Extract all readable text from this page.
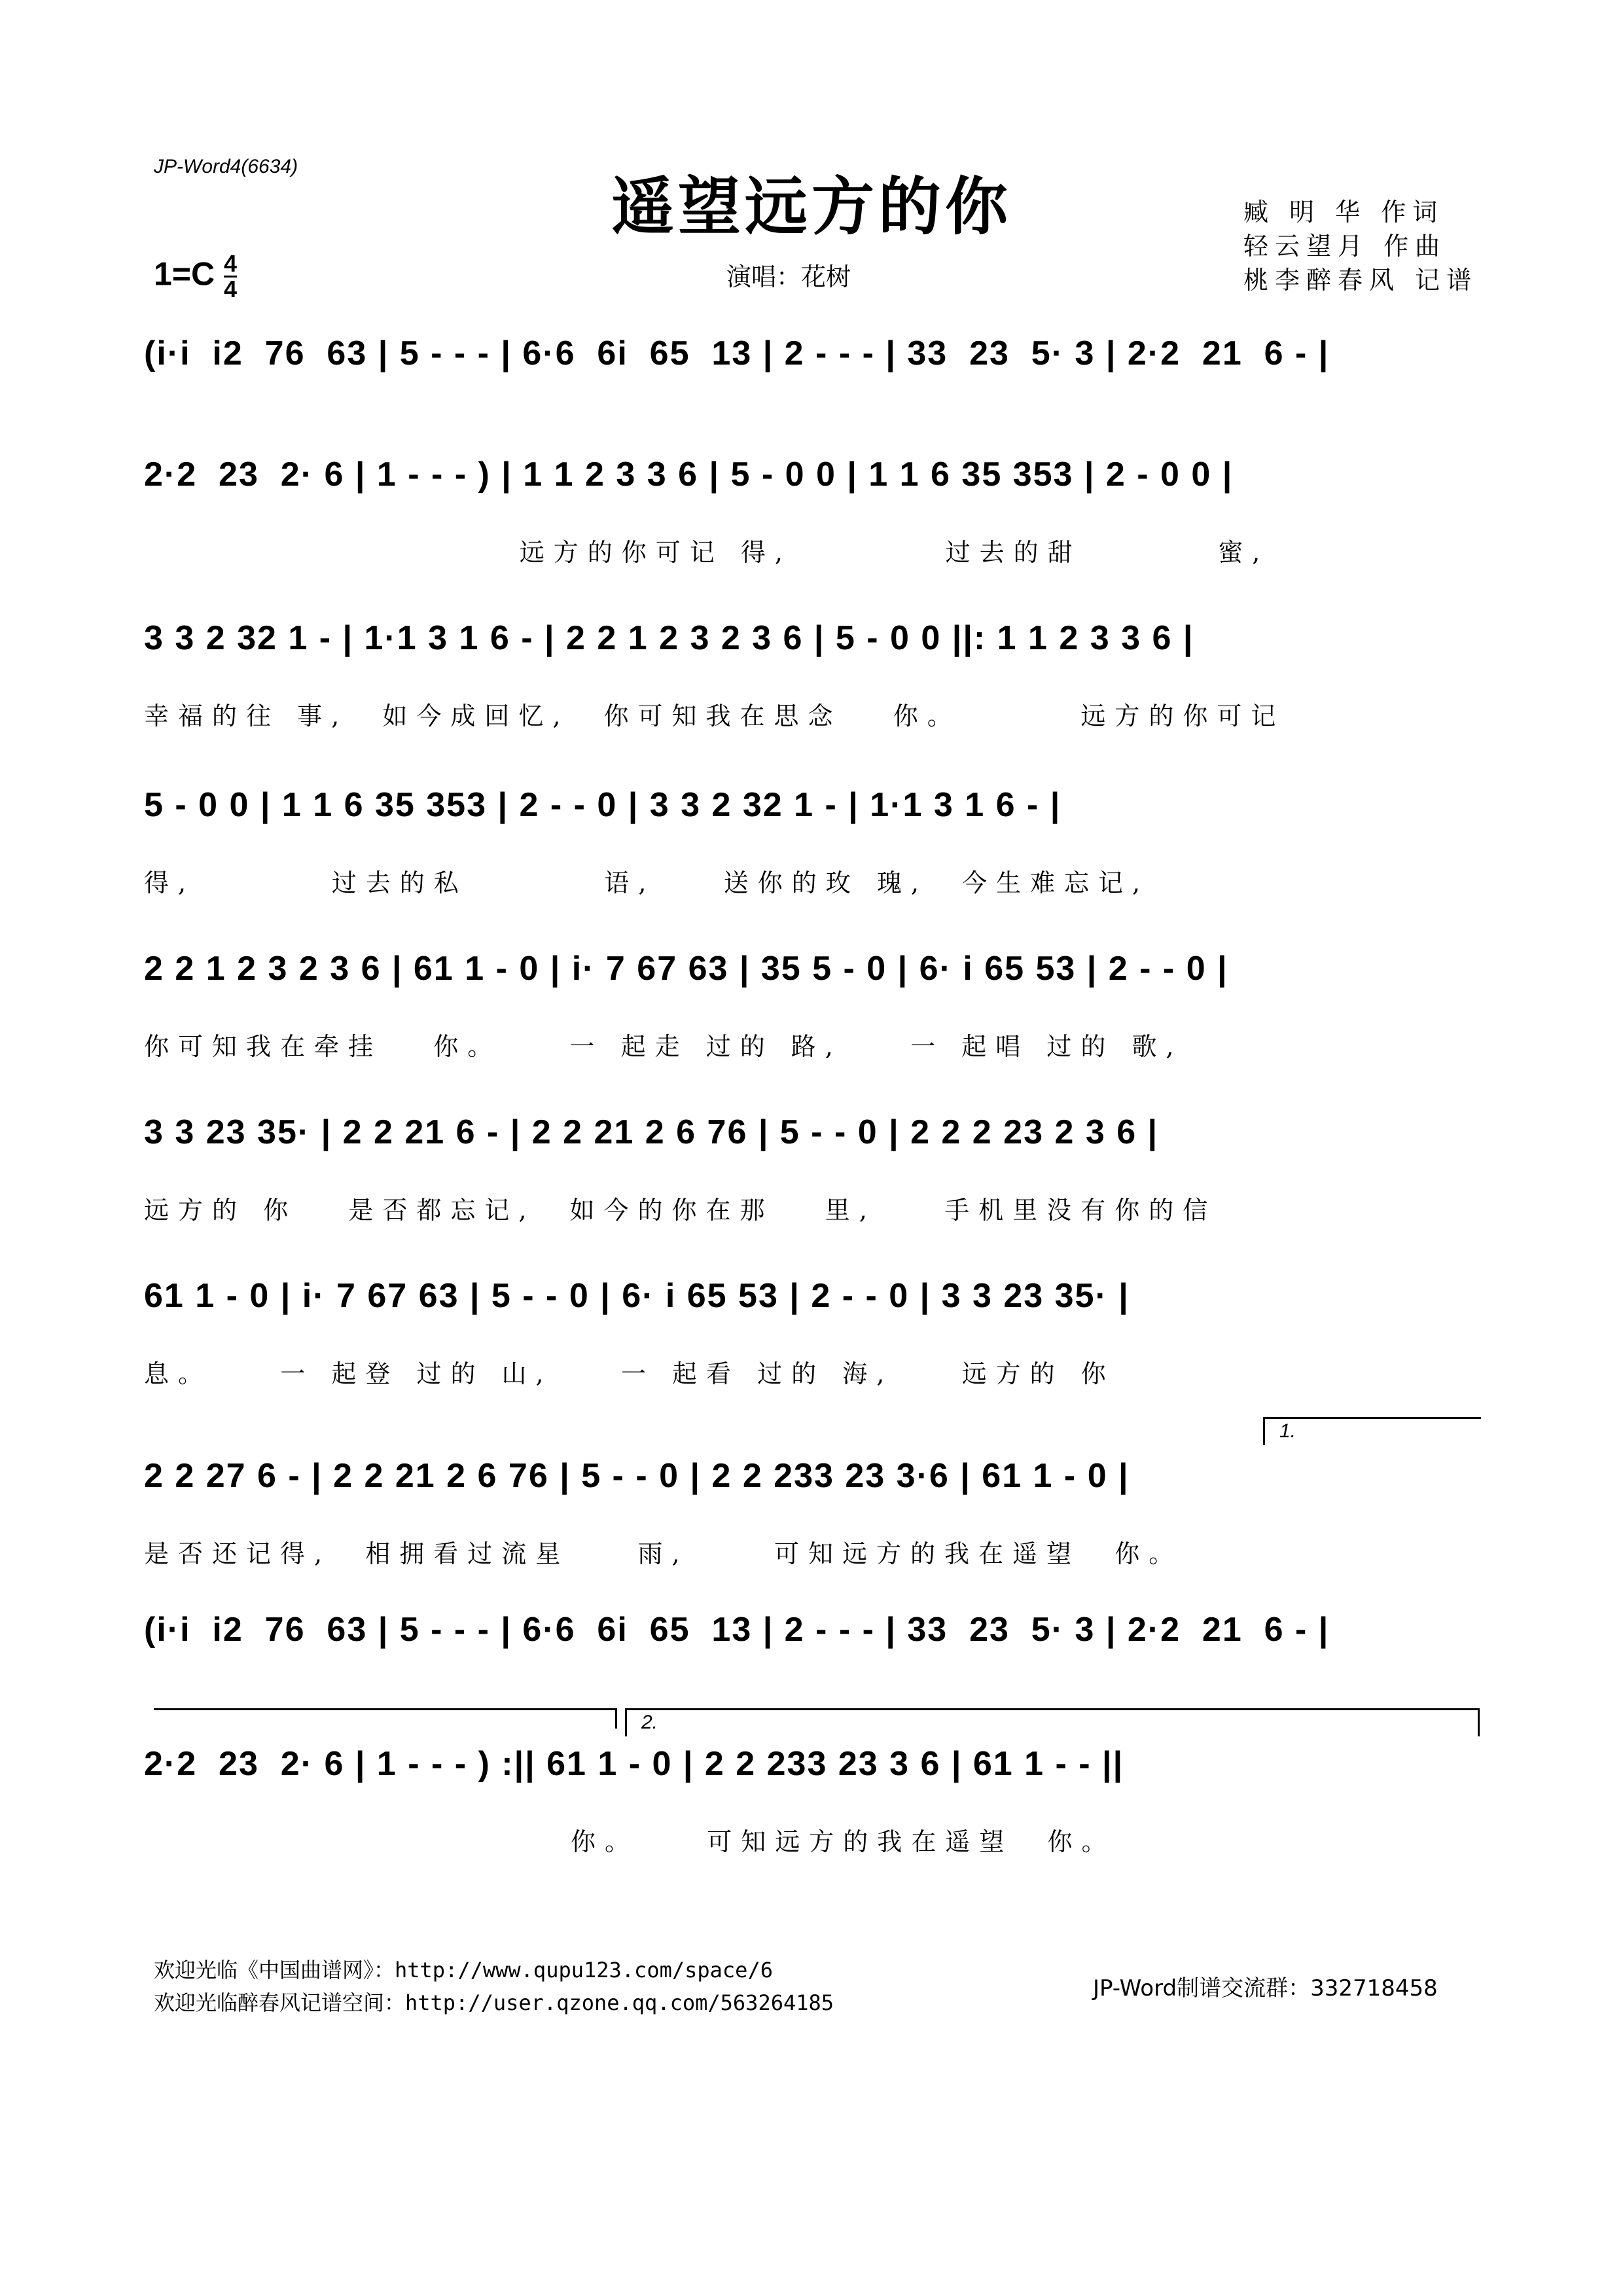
JP-Word4(6634)
遥望远方的你	臧 明 华 作词
轻云望月 作曲
桃李醉春风 记谱
$1=C \frac{4}{4}$	演唱：花树
(i·i  i2  76  63 | 5 - - - | 6·6  6i  65  13 | 2 - - - | 33  23  5· 3 | 2·2  21  6 - |
2·2  23  2· 6 | 1 - - - ) | 1 1 2 3 3 6 | 5 - 0 0 | 1 1 6 35 353 | 2 - 0 0 |
远方的你可记 得,         过去的甜        蜜,
3 3 2 32 1 - | 1·1 3 1 6 - | 2 2 1 2 3 2 3 6 | 5 - 0 0 ||: 1 1 2 3 3 6 |
幸福的往 事,  如今成回忆,  你可知我在思念   你。       远方的你可记
5 - 0 0 | 1 1 6 35 353 | 2 - - 0 | 3 3 2 32 1 - | 1·1 3 1 6 - |
得,        过去的私        语,    送你的玫 瑰,  今生难忘记,
2 2 1 2 3 2 3 6 | 61 1 - 0 | i· 7 67 63 | 35 5 - 0 | 6· i 65 53 | 2 - - 0 |
你可知我在牵挂   你。    一 起走 过的 路,    一 起唱 过的 歌,
3 3 23 35· | 2 2 21 6 - | 2 2 21 2 6 76 | 5 - - 0 | 2 2 2 23 2 3 6 |
远方的 你   是否都忘记,  如今的你在那   里,    手机里没有你的信
61 1 - 0 | i· 7 67 63 | 5 - - 0 | 6· i 65 53 | 2 - - 0 | 3 3 23 35· |
息。    一 起登 过的 山,    一 起看 过的 海,    远方的 你
1.
2 2 27 6 - | 2 2 21 2 6 76 | 5 - - 0 | 2 2 233 23 3·6 | 61 1 - 0 |
是否还记得,  相拥看过流星    雨,     可知远方的我在遥望  你。
(i·i  i2  76  63 | 5 - - - | 6·6  6i  65  13 | 2 - - - | 33  23  5· 3 | 2·2  21  6 - |
2.
2·2  23  2· 6 | 1 - - - ) :|| 61 1 - 0 | 2 2 233 23 3 6 | 61 1 - - ||
你。    可知远方的我在遥望  你。
欢迎光临《中国曲谱网》：http://www.qupu123.com/space/6
欢迎光临醉春风记谱空间：http://user.qzone.qq.com/563264185
JP-Word制谱交流群：332718458
